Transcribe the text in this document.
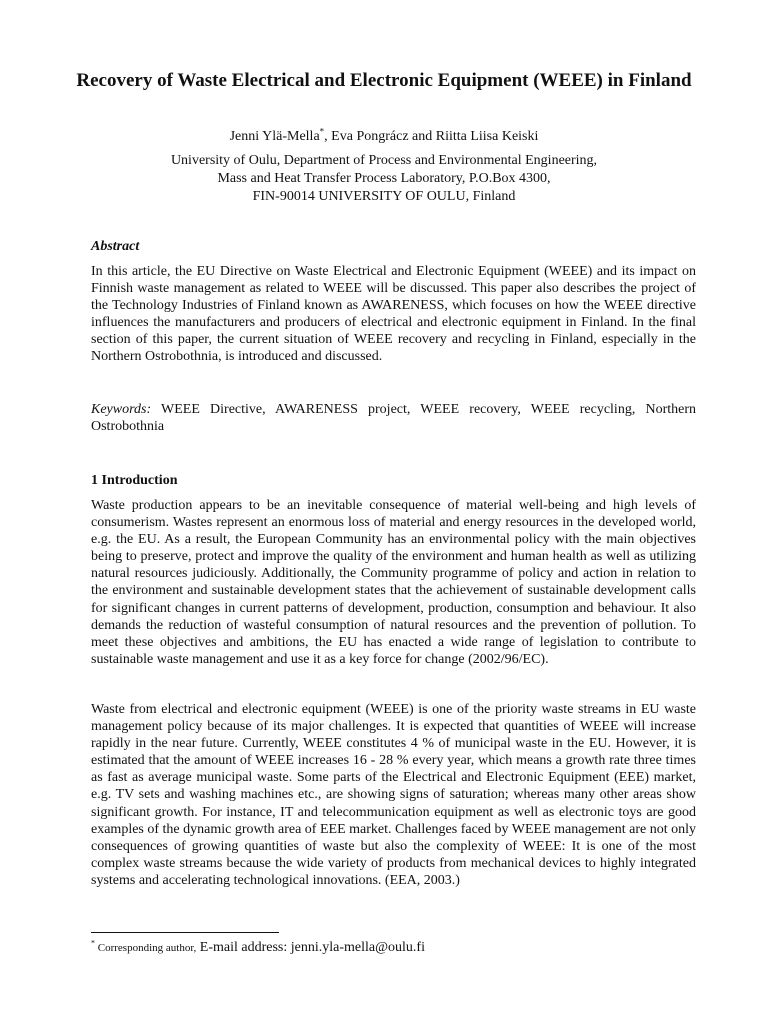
Recovery of Waste Electrical and Electronic Equipment (WEEE) in Finland

Jenni Ylä-Mella*, Eva Pongrácz and Riitta Liisa Keiski

University of Oulu, Department of Process and Environmental Engineering,
Mass and Heat Transfer Process Laboratory, P.O.Box 4300,
FIN-90014 UNIVERSITY OF OULU, Finland

Abstract

In this article, the EU Directive on Waste Electrical and Electronic Equipment (WEEE) and its impact on Finnish waste management as related to WEEE will be discussed. This paper also describes the project of the Technology Industries of Finland known as AWARENESS, which focuses on how the WEEE directive influences the manufacturers and producers of electrical and electronic equipment in Finland. In the final section of this paper, the current situation of WEEE recovery and recycling in Finland, especially in the Northern Ostrobothnia, is introduced and discussed.

Keywords: WEEE Directive, AWARENESS project, WEEE recovery, WEEE recycling, Northern Ostrobothnia

1 Introduction

Waste production appears to be an inevitable consequence of material well-being and high levels of consumerism. Wastes represent an enormous loss of material and energy resources in the developed world, e.g. the EU. As a result, the European Community has an environmental policy with the main objectives being to preserve, protect and improve the quality of the environment and human health as well as utilizing natural resources judiciously. Additionally, the Community programme of policy and action in relation to the environment and sustainable development states that the achievement of sustainable development calls for significant changes in current patterns of development, production, consumption and behaviour. It also demands the reduction of wasteful consumption of natural resources and the prevention of pollution. To meet these objectives and ambitions, the EU has enacted a wide range of legislation to contribute to sustainable waste management and use it as a key force for change (2002/96/EC).

Waste from electrical and electronic equipment (WEEE) is one of the priority waste streams in EU waste management policy because of its major challenges. It is expected that quantities of WEEE will increase rapidly in the near future. Currently, WEEE constitutes 4 % of municipal waste in the EU. However, it is estimated that the amount of WEEE increases 16 - 28 % every year, which means a growth rate three times as fast as average municipal waste. Some parts of the Electrical and Electronic Equipment (EEE) market, e.g. TV sets and washing machines etc., are showing signs of saturation; whereas many other areas show significant growth. For instance, IT and telecommunication equipment as well as electronic toys are good examples of the dynamic growth area of EEE market. Challenges faced by WEEE management are not only consequences of growing quantities of waste but also the complexity of WEEE: It is one of the most complex waste streams because the wide variety of products from mechanical devices to highly integrated systems and accelerating technological innovations. (EEA, 2003.)

* Corresponding author, E-mail address: jenni.yla-mella@oulu.fi
